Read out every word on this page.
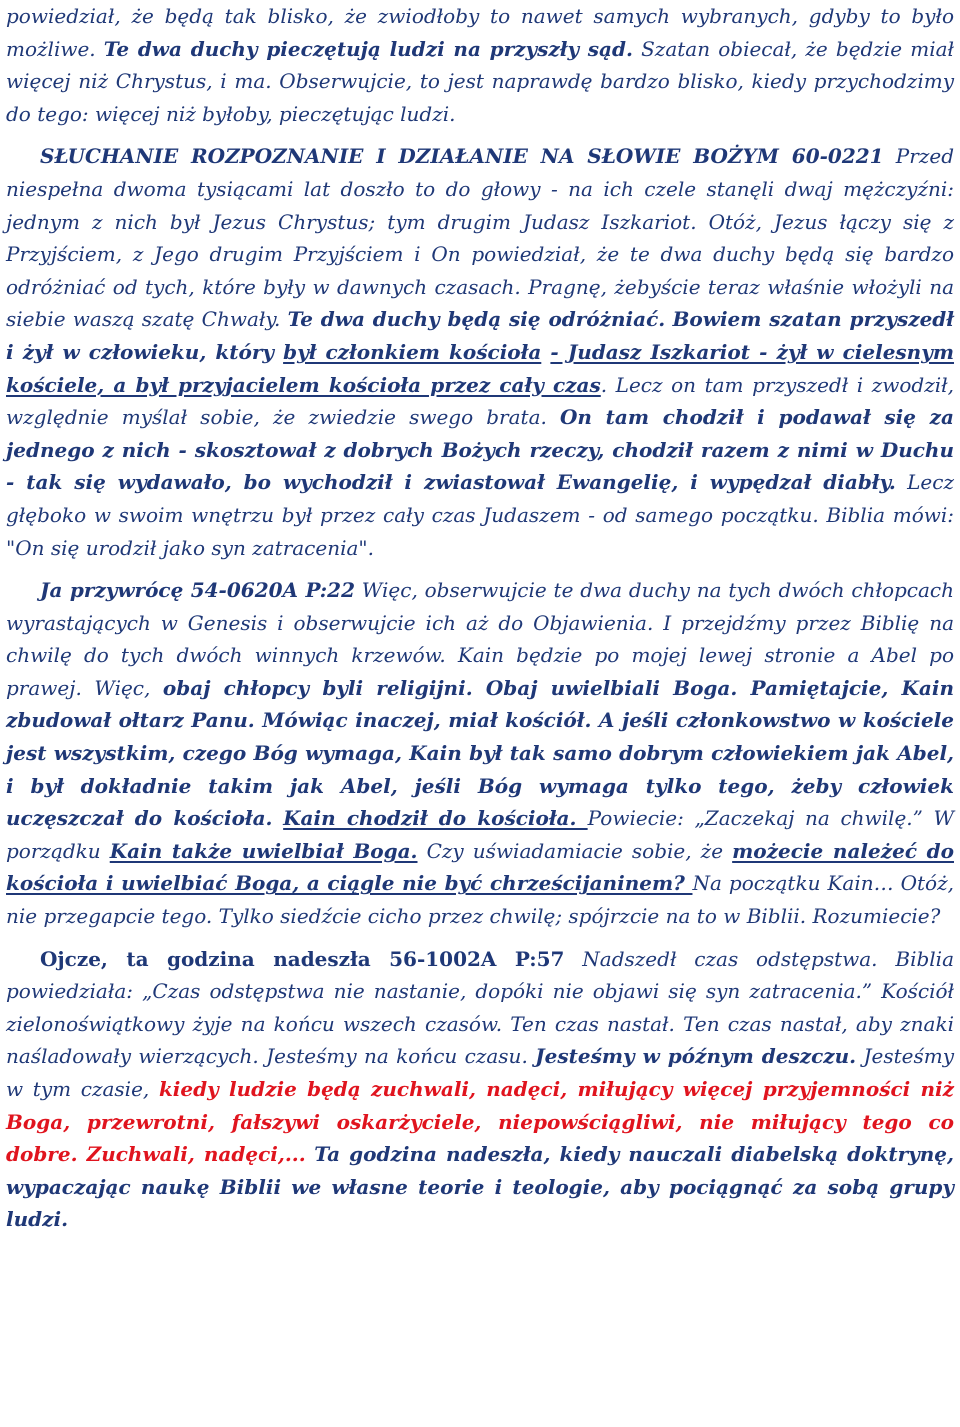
powiedział, że będą tak blisko, że zwiodłoby to nawet samych wybranych, gdyby to było możliwe. Te dwa duchy pieczętują ludzi na przyszły sąd. Szatan obiecał, że będzie miał więcej niż Chrystus, i ma. Obserwujcie, to jest naprawdę bardzo blisko, kiedy przychodzimy do tego: więcej niż byłoby, pieczętując ludzi.

SŁUCHANIE ROZPOZNANIE I DZIAŁANIE NA SŁOWIE BOŻYM 60-0221 Przed niespełna dwoma tysiącami lat doszło to do głowy - na ich czele stanęli dwaj mężczyźni: jednym z nich był Jezus Chrystus; tym drugim Judasz Iszkariot. Otóż, Jezus łączy się z Przyjściem, z Jego drugim Przyjściem i On powiedział, że te dwa duchy będą się bardzo odróżniać od tych, które były w dawnych czasach. Pragnę, żebyście teraz właśnie włożyli na siebie waszą szatę Chwały. Te dwa duchy będą się odróżniać. Bowiem szatan przyszedł i żył w człowieku, który był członkiem kościoła - Judasz Iszkariot - żył w cielesnym kościele, a był przyjacielem kościoła przez cały czas. Lecz on tam przyszedł i zwodził, względnie myślał sobie, że zwiedzie swego brata. On tam chodził i podawał się za jednego z nich - skosztował z dobrych Bożych rzeczy, chodził razem z nimi w Duchu - tak się wydawało, bo wychodził i zwiastował Ewangelię, i wypędzał diabły. Lecz głęboko w swoim wnętrzu był przez cały czas Judaszem - od samego początku. Biblia mówi: "On się urodził jako syn zatracenia".

Ja przywrócę 54-0620A P:22 Więc, obserwujcie te dwa duchy na tych dwóch chłopcach wyrastających w Genesis i obserwujcie ich aż do Objawienia. I przejdźmy przez Biblię na chwilę do tych dwóch winnych krzewów. Kain będzie po mojej lewej stronie a Abel po prawej. Więc, obaj chłopcy byli religijni. Obaj uwielbiali Boga. Pamiętajcie, Kain zbudował ołtarz Panu. Mówiąc inaczej, miał kościół. A jeśli członkowstwo w kościele jest wszystkim, czego Bóg wymaga, Kain był tak samo dobrym człowiekiem jak Abel, i był dokładnie takim jak Abel, jeśli Bóg wymaga tylko tego, żeby człowiek uczęszczał do kościoła. Kain chodził do kościoła. Powiecie: „Zaczekaj na chwilę.” W porządku Kain także uwielbiał Boga. Czy uświadamiacie sobie, że możecie należeć do kościoła i uwielbiać Boga, a ciągle nie być chrześcijaninem? Na początku Kain… Otóż, nie przegapcie tego. Tylko siedźcie cicho przez chwilę; spójrzcie na to w Biblii. Rozumiecie?

Ojcze, ta godzina nadeszła 56-1002A P:57 Nadszedł czas odstępstwa. Biblia powiedziała: „Czas odstępstwa nie nastanie, dopóki nie objawi się syn zatracenia.” Kościół zielonoświątkowy żyje na końcu wszech czasów. Ten czas nastał. Ten czas nastał, aby znaki naśladowały wierzących. Jesteśmy na końcu czasu. Jesteśmy w późnym deszczu. Jesteśmy w tym czasie, kiedy ludzie będą zuchwali, nadęci, miłujący więcej przyjemności niż Boga, przewrotni, fałszywi oskarżyciele, niepowściągliwi, nie miłujący tego co dobre. Zuchwali, nadęci,... Ta godzina nadeszła, kiedy nauczali diabelską doktrynę, wypaczając naukę Biblii we własne teorie i teologie, aby pociągnąć za sobą grupy ludzi.
